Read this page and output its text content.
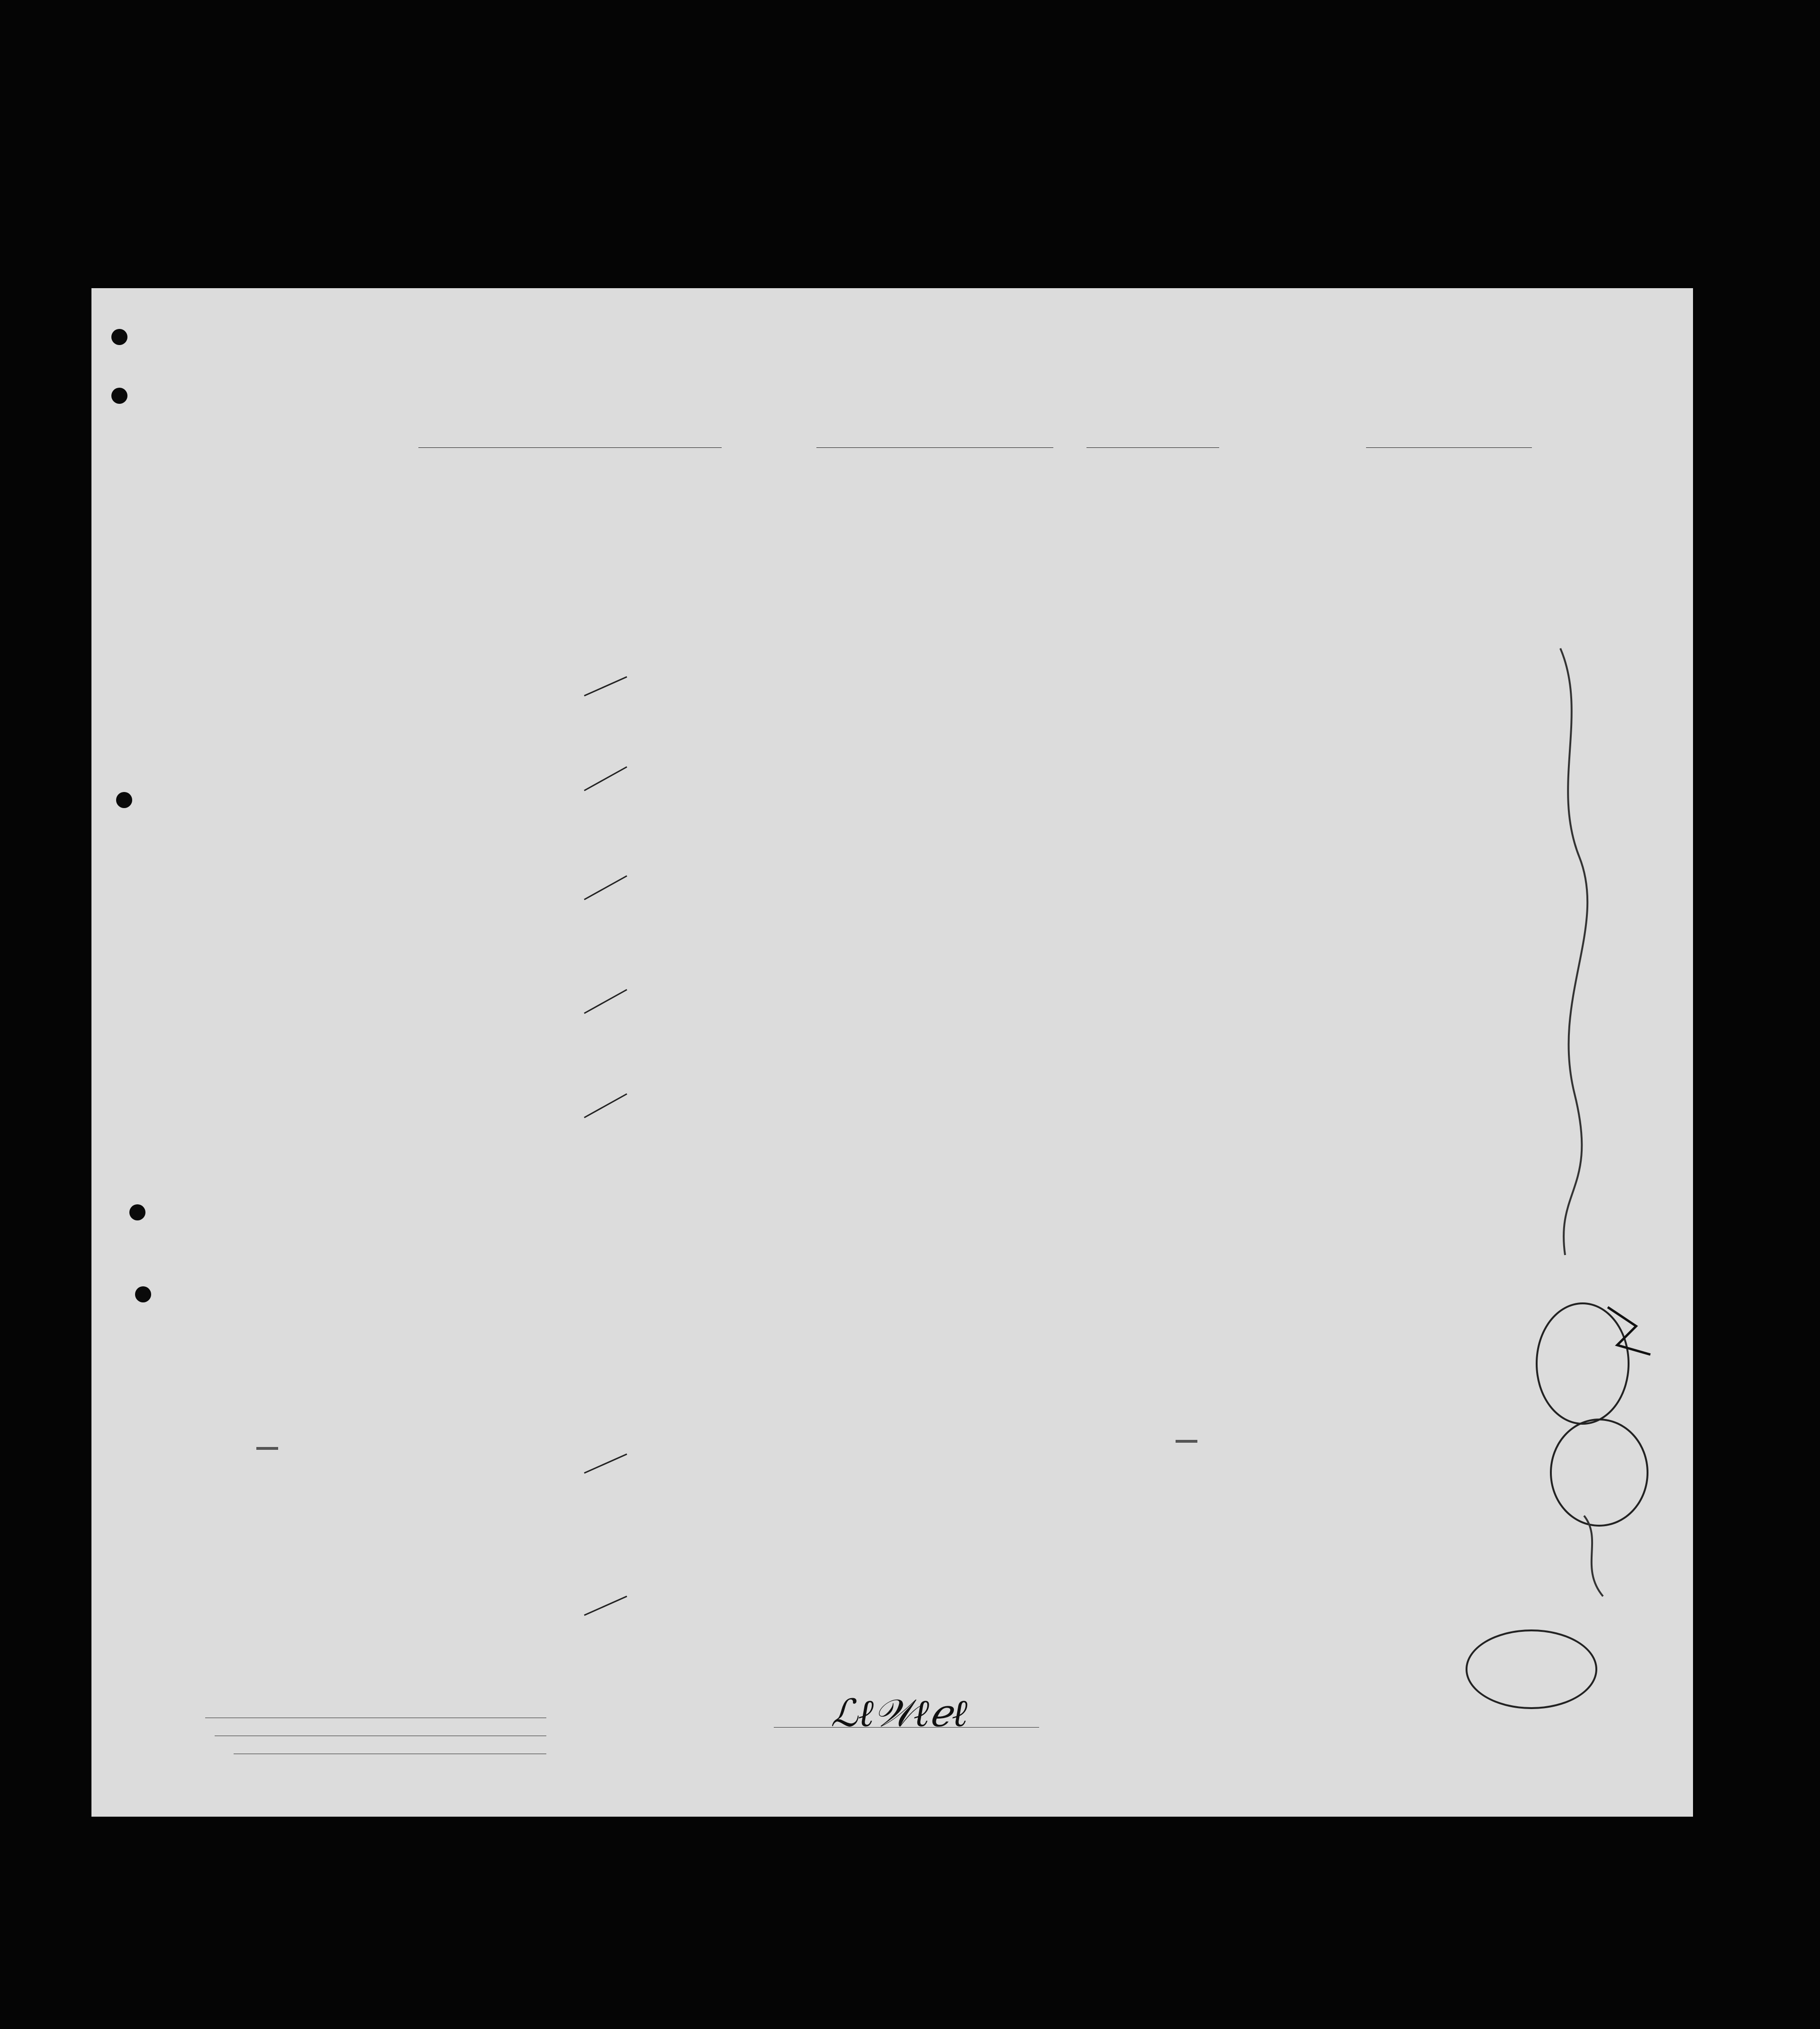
ℒℓ𝒲ℓℯℓ
